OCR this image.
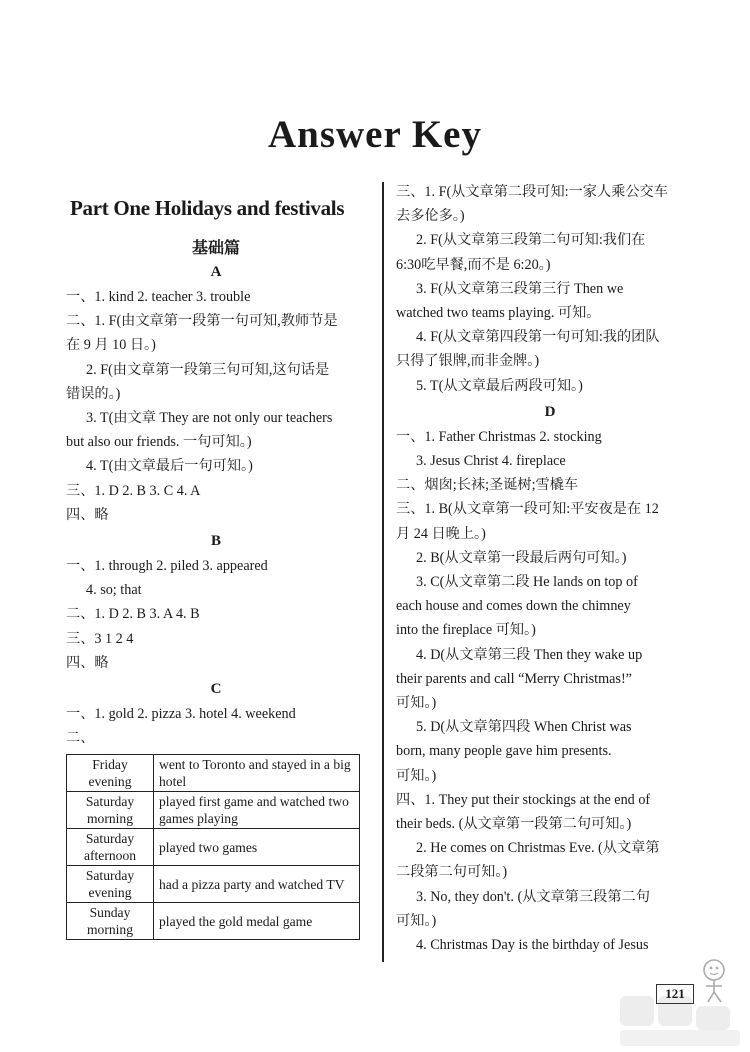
Answer Key
Part One Holidays and festivals
基础篇
A
一、1. kind 2. teacher 3. trouble
二、1. F(由文章第一段第一句可知,教师节是
在 9 月 10 日。)
2. F(由文章第一段第三句可知,这句话是
错误的。)
3. T(由文章 They are not only our teachers
but also our friends. 一句可知。)
4. T(由文章最后一句可知。)
三、1. D 2. B 3. C 4. A
四、略
B
一、1. through 2. piled 3. appeared
4. so; that
二、1. D 2. B 3. A 4. B
三、3 1 2 4
四、略
C
一、1. gold 2. pizza 3. hotel 4. weekend
二、
Friday evening	went to Toronto and stayed in a big hotel
Saturday morning	played first game and watched two games playing
Saturday afternoon	played two games
Saturday evening	had a pizza party and watched TV
Sunday morning	played the gold medal game
三、1. F(从文章第二段可知:一家人乘公交车
去多伦多。)
2. F(从文章第三段第二句可知:我们在
6:30吃早餐,而不是 6:20。)
3. F(从文章第三段第三行 Then we
watched two teams playing. 可知。
4. F(从文章第四段第一句可知:我的团队
只得了银牌,而非金牌。)
5. T(从文章最后两段可知。)
D
一、1. Father Christmas 2. stocking
3. Jesus Christ 4. fireplace
二、烟囱;长袜;圣诞树;雪橇车
三、1. B(从文章第一段可知:平安夜是在 12
月 24 日晚上。)
2. B(从文章第一段最后两句可知。)
3. C(从文章第二段 He lands on top of
each house and comes down the chimney
into the fireplace 可知。)
4. D(从文章第三段 Then they wake up
their parents and call “Merry Christmas!”
可知。)
5. D(从文章第四段 When Christ was
born, many people gave him presents.
可知。)
四、1. They put their stockings at the end of
their beds. (从文章第一段第二句可知。)
2. He comes on Christmas Eve. (从文章第
二段第二句可知。)
3. No, they don't. (从文章第三段第二句
可知。)
4. Christmas Day is the birthday of Jesus
121
